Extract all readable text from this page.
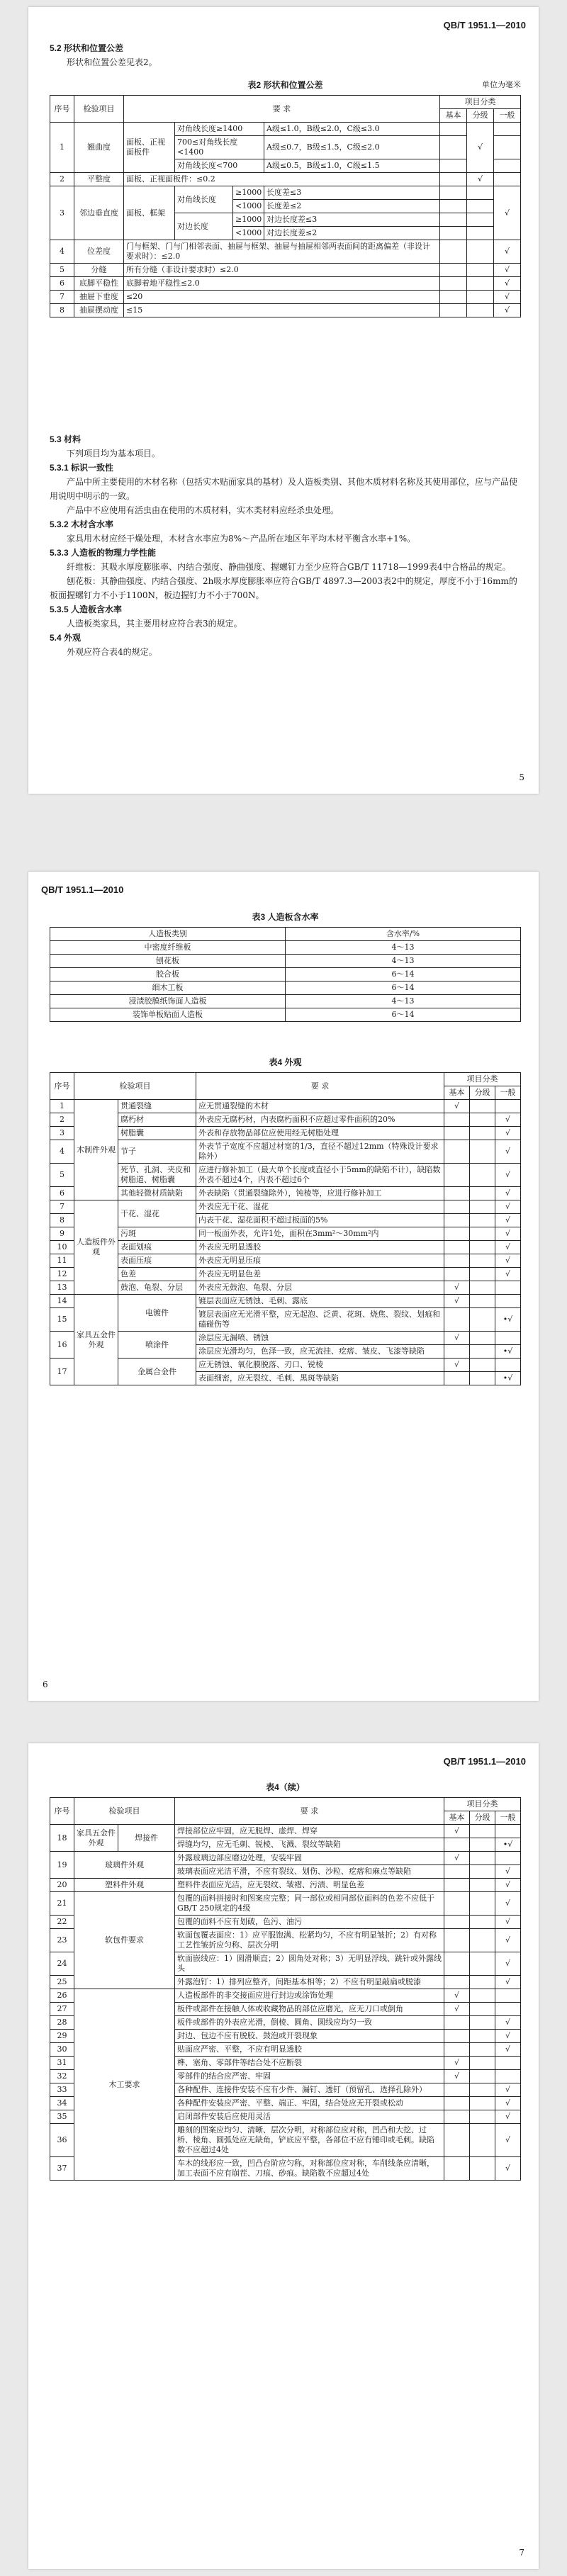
QB/T 1951.1—2010

5.2 形状和位置公差

形状和位置公差见表2。

表2 形状和位置公差	单位为毫米
序号	检验项目	要 求				项目分类		
						基本	分级	一般
1	翘曲度	面板、正视面板件	对角线长度≥1400		A级≤1.0，B级≤2.0，C级≤3.0		√	
			700≤对角线长度<1400		A级≤0.7，B级≤1.5，C级≤2.0			
			对角线长度<700		A级≤0.5，B级≤1.0，C级≤1.5			
2	平整度	面板、正视面板件：≤0.2					√	
3	邻边垂直度	面板、框架	对角线长度	≥1000	长度差≤3			√
				<1000	长度差≤2			
			对边长度	≥1000	对边长度差≤3			
				<1000	对边长度差≤2			
4	位差度	门与框架、门与门相邻表面、抽屉与框架、抽屉与抽屉相邻两表面间的距离偏差（非设计要求时）：≤2.0						√
5	分缝	所有分缝（非设计要求时）≤2.0						√
6	底脚平稳性	底脚着地平稳性≤2.0						√
7	抽屉下垂度	≤20						√
8	抽屉摆动度	≤15						√

5.3 材料

下列项目均为基本项目。

5.3.1 标识一致性

产品中所主要使用的木材名称（包括实木贴面家具的基材）及人造板类别、其他木质材料名称及其使用部位，应与产品使用说明中明示的一致。

产品中不应使用有活虫由在使用的木质材料，实木类材料应经杀虫处理。

5.3.2 木材含水率

家具用木材应经干燥处理，木材含水率应为8%～产品所在地区年平均木材平衡含水率+1%。

5.3.3 人造板的物理力学性能

纤维板：其吸水厚度膨胀率、内结合强度、静曲强度、握螺钉力至少应符合GB/T 11718—1999表4中合格品的规定。

刨花板：其静曲强度、内结合强度、2h吸水厚度膨胀率应符合GB/T 4897.3—2003表2中的规定，厚度不小于16mm的板面握螺钉力不小于1100N，板边握钉力不小于700N。

5.3.5 人造板含水率

人造板类家具，其主要用材应符合表3的规定。

5.4 外观

外观应符合表4的规定。

5
QB/T 1951.1—2010
表3 人造板含水率
人造板类别	含水率/%
中密度纤维板	4～13
刨花板	4～13
胶合板	6～14
细木工板	6～14
浸渍胶膜纸饰面人造板	4～13
装饰单板贴面人造板	6～14
表4 外观
序号	检验项目		要 求	项目分类		
				基本	分级	一般
1	木制件外观	贯通裂缝	应无贯通裂缝的木材	√		
2		腐朽材	外表应无腐朽材，内表腐朽面积不应超过零件面积的20%			√
3		树脂囊	外表和存放物品部位应使用经无树脂处理			√
4		节子	外表节子宽度不应超过材宽的1/3，直径不超过12mm（特殊设计要求除外）			√
5		死节、孔洞、夹皮和树脂道、树脂囊	应进行修补加工（最大单个长度或直径小于5mm的缺陷不计），缺陷数外表不超过4个，内表不超过6个			√
6		其他轻微材质缺陷	外表缺陷（贯通裂缝除外），钝棱等，应进行修补加工			√
7	人造板件外观	干花、湿花	外表应无干花、湿花			√
8			内表干花、湿花面积不超过板面的5%			√
9		污斑	同一板面外表，允许1处，面积在3mm²～30mm²内			√
10		表面划痕	外表应无明显透胶			√
11		表面压痕	外表应无明显压痕			√
12		色差	外表应无明显色差			√
13		鼓泡、龟裂、分层	外表应无鼓泡、龟裂、分层	√		
14	家具五金件外观	电镀件	镀层表面应无锈蚀、毛刺、露底	√		
15			镀层表面应无光滑平整，应无起泡、泛黄、花斑、烧焦、裂纹、划痕和磕碰伤等			•√
16		喷涂件	涂层应无漏喷、锈蚀	√		
			涂层应光滑均匀，色泽一致，应无流挂、疙瘩、皱皮、飞漆等缺陷			•√
17		金属合金件	应无锈蚀、氧化膜脱落、刃口、锐棱	√		
			表面细密，应无裂纹、毛刺、黑斑等缺陷			•√
6
QB/T 1951.1—2010
表4（续）
序号	检验项目		要 求	项目分类		
				基本	分级	一般
18	家具五金件外观	焊接件	焊接部位应牢固，应无脱焊、虚焊、焊穿	√		
			焊缝均匀，应无毛刺、锐棱、飞溅、裂纹等缺陷			•√
19	玻璃件外观		外露玻璃边部应磨边处理，安装牢固	√		
			玻璃表面应光洁平滑，不应有裂纹、划伤、沙粒、疙瘩和麻点等缺陷			√
20	塑料件外观		塑料件表面应光洁，应无裂纹、皱褶、污渍、明显色差			√
21	软包件要求		包覆的面料拼接时和图案应完整；同一部位或相同部位面料的色差不应低于GB/T 250规定的4级			√
22			包覆的面料不应有划破，色污、油污			√
23			软面包覆表面应：1）应平服饱满、松紧均匀，不应有明显皱折；2）有对称工艺性皱折应匀称、层次分明			√
24			软面嵌线应：1）圆滑顺直；2）圆角处对称；3）无明显浮线、跳针或外露线头			√
25			外露泡钉：1）排列应整齐，间距基本相等；2）不应有明显敲扁或脱漆			√
26	木工要求		人造板部件的非交接面应进行封边或涂饰处理	√		
27			板件或部件在接触人体或收藏物品的部位应磨光，应无刀口或倒角	√		
28			板件或部件的外表应光滑，倒棱、圆角、圆线应均匀一致			√
29			封边、包边不应有脱胶、鼓泡或开裂现象			√
30			贴面应严密、平整，不应有明显透胶			√
31			榫、塞角、零部件等结合处不应断裂	√		
32			零部件的结合应严密、牢固	√		
33			各种配件、连接件安装不应有少件、漏钉、透钉（预留孔、选择孔除外）			√
34			各种配件安装应严密、平整、端正、牢固，结合处应无开裂或松动			√
35			启闭部件安装后应使用灵活			√
36			雕刻的图案应均匀、清晰、层次分明，对称部位应对称，凹凸和大挖、过桥、棱角、圆弧处应无缺角，铲底应平整，各部位不应有锤印或毛刺。缺陷数不应超过4处			√
37			车木的线形应一致，凹凸台阶应匀称，对称部位应对称，车削线条应清晰，加工表面不应有崩茬、刀痕、砂痕。缺陷数不应超过4处			√
7
